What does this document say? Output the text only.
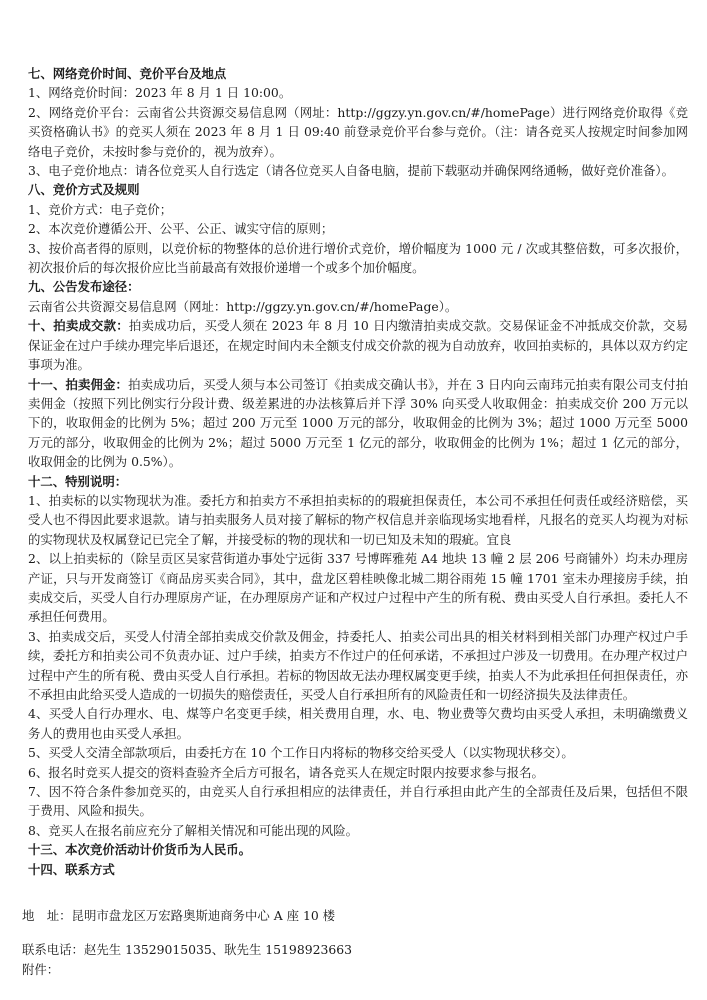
七、网络竞价时间、竞价平台及地点

1、网络竞价时间：2023 年 8 月 1 日 10:00。

2、网络竞价平台：云南省公共资源交易信息网（网址：http://ggzy.yn.gov.cn/#/homePage）进行网络竞价取得《竞买资格确认书》的竞买人须在 2023 年 8 月 1 日 09:40 前登录竞价平台参与竞价。（注：请各竞买人按规定时间参加网络电子竞价，未按时参与竞价的，视为放弃）。

3、电子竞价地点：请各位竞买人自行选定（请各位竞买人自备电脑，提前下载驱动并确保网络通畅，做好竞价准备）。

八、竞价方式及规则

1、竞价方式：电子竞价；

2、本次竞价遵循公开、公平、公正、诚实守信的原则；

3、按价高者得的原则，以竞价标的物整体的总价进行增价式竞价，增价幅度为 1000 元 / 次或其整倍数，可多次报价，初次报价后的每次报价应比当前最高有效报价递增一个或多个加价幅度。

九、公告发布途径：

云南省公共资源交易信息网（网址：http://ggzy.yn.gov.cn/#/homePage）。

十、拍卖成交款：拍卖成功后，买受人须在 2023 年 8 月 10 日内缴清拍卖成交款。交易保证金不冲抵成交价款，交易保证金在过户手续办理完毕后退还，在规定时间内未全额支付成交价款的视为自动放弃，收回拍卖标的，具体以双方约定事项为准。

十一、拍卖佣金：拍卖成功后，买受人须与本公司签订《拍卖成交确认书》，并在 3 日内向云南玮元拍卖有限公司支付拍卖佣金（按照下列比例实行分段计费、级差累进的办法核算后并下浮 30% 向买受人收取佣金：拍卖成交价 200 万元以下的，收取佣金的比例为 5%；超过 200 万元至 1000 万元的部分，收取佣金的比例为 3%；超过 1000 万元至 5000 万元的部分，收取佣金的比例为 2%；超过 5000 万元至 1 亿元的部分，收取佣金的比例为 1%；超过 1 亿元的部分，收取佣金的比例为 0.5%）。

十二、特别说明：

1、拍卖标的以实物现状为准。委托方和拍卖方不承担拍卖标的的瑕疵担保责任，本公司不承担任何责任或经济赔偿，买受人也不得因此要求退款。请与拍卖服务人员对接了解标的物产权信息并亲临现场实地看样，凡报名的竞买人均视为对标的实物现状及权属登记已完全了解，并接受标的物的现状和一切已知及未知的瑕疵。宜良

2、以上拍卖标的（除呈贡区吴家营街道办事处宁远街 337 号博晖雅苑 A4 地块 13 幢 2 层 206 号商铺外）均未办理房产证，只与开发商签订《商品房买卖合同》，其中，盘龙区碧桂映像北城二期谷雨苑 15 幢 1701 室未办理接房手续，拍卖成交后，买受人自行办理原房产证，在办理原房产证和产权过户过程中产生的所有税、费由买受人自行承担。委托人不承担任何费用。

3、拍卖成交后，买受人付清全部拍卖成交价款及佣金，持委托人、拍卖公司出具的相关材料到相关部门办理产权过户手续，委托方和拍卖公司不负责办证、过户手续，拍卖方不作过户的任何承诺，不承担过户涉及一切费用。在办理产权过户过程中产生的所有税、费由买受人自行承担。若标的物因故无法办理权属变更手续，拍卖人不为此承担任何担保责任，亦不承担由此给买受人造成的一切损失的赔偿责任，买受人自行承担所有的风险责任和一切经济损失及法律责任。

4、买受人自行办理水、电、煤等户名变更手续，相关费用自理，水、电、物业费等欠费均由买受人承担，未明确缴费义务人的费用也由买受人承担。

5、买受人交清全部款项后，由委托方在 10 个工作日内将标的物移交给买受人（以实物现状移交）。

6、报名时竞买人提交的资料查验齐全后方可报名，请各竞买人在规定时限内按要求参与报名。

7、因不符合条件参加竞买的，由竞买人自行承担相应的法律责任，并自行承担由此产生的全部责任及后果，包括但不限于费用、风险和损失。

8、竞买人在报名前应充分了解相关情况和可能出现的风险。

十三、本次竞价活动计价货币为人民币。

十四、联系方式

地　址：昆明市盘龙区万宏路奥斯迪商务中心 A 座 10 楼
联系电话：赵先生 13529015035、耿先生 15198923663
附件：
